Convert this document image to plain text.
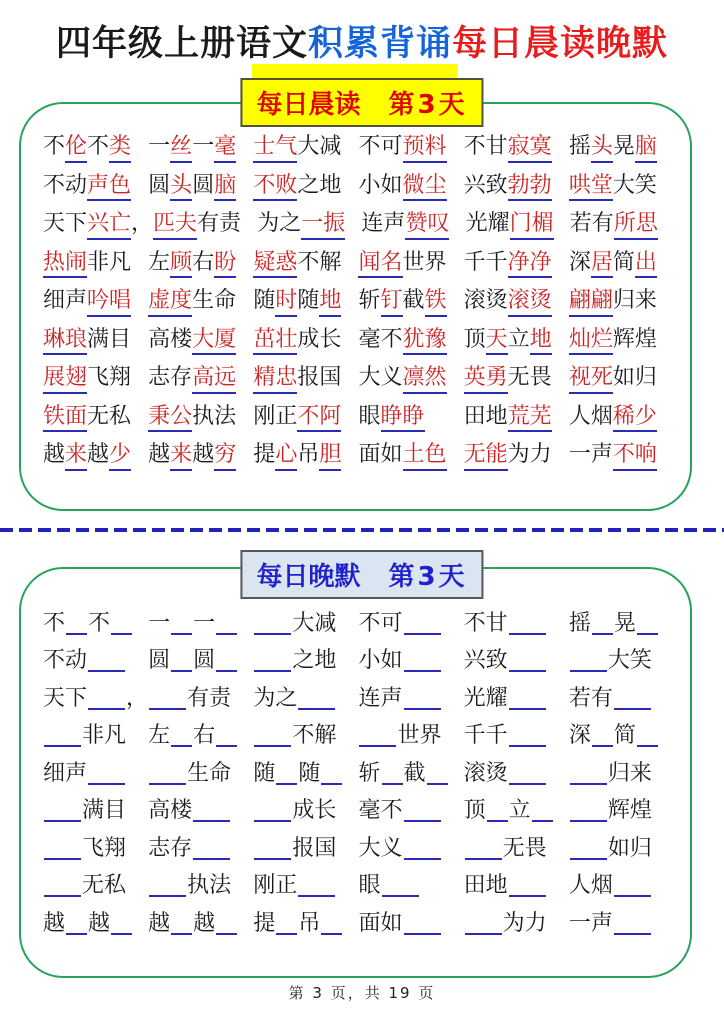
四年级上册语文积累背诵每日晨读晚默
每日晨读 第3天
不伦不类 一丝一毫 士气大减 不可预料 不甘寂寞 摇头晃脑
不动声色 圆头圆脑 不败之地 小如微尘 兴致勃勃 哄堂大笑
天下兴亡， 匹夫有责 为之一振 连声赞叹 光耀门楣 若有所思
热闹非凡 左顾右盼 疑惑不解 闻名世界 千千净净 深居简出
细声吟唱 虚度生命 随时随地 斩钉截铁 滚烫滚烫 翩翩归来
琳琅满目 高楼大厦 茁壮成长 毫不犹豫 顶天立地 灿烂辉煌
展翅飞翔 志存高远 精忠报国 大义凛然 英勇无畏 视死如归
铁面无私 秉公执法 刚正不阿 眼睁睁	田地荒芜 人烟稀少
越来越少 越来越穷 提心吊胆 面如土色 无能为力 一声不响
每日晚默 第3天
不 不	一 一	大减	不可	不甘	摇 晃
不动	圆 圆	之地	小如	兴致	大笑
天下 ，	有责	为之	连声	光耀	若有
非凡	左 右	不解	世界	千千	深 简
细声	生命	随 随	斩 截	滚烫	归来
满目	高楼	成长	毫不	顶 立	辉煌
飞翔	志存	报国	大义	无畏	如归
无私	执法	刚正	眼	田地	人烟
越 越	越 越	提 吊	面如	为力	一声
第 3 页，共 19 页
